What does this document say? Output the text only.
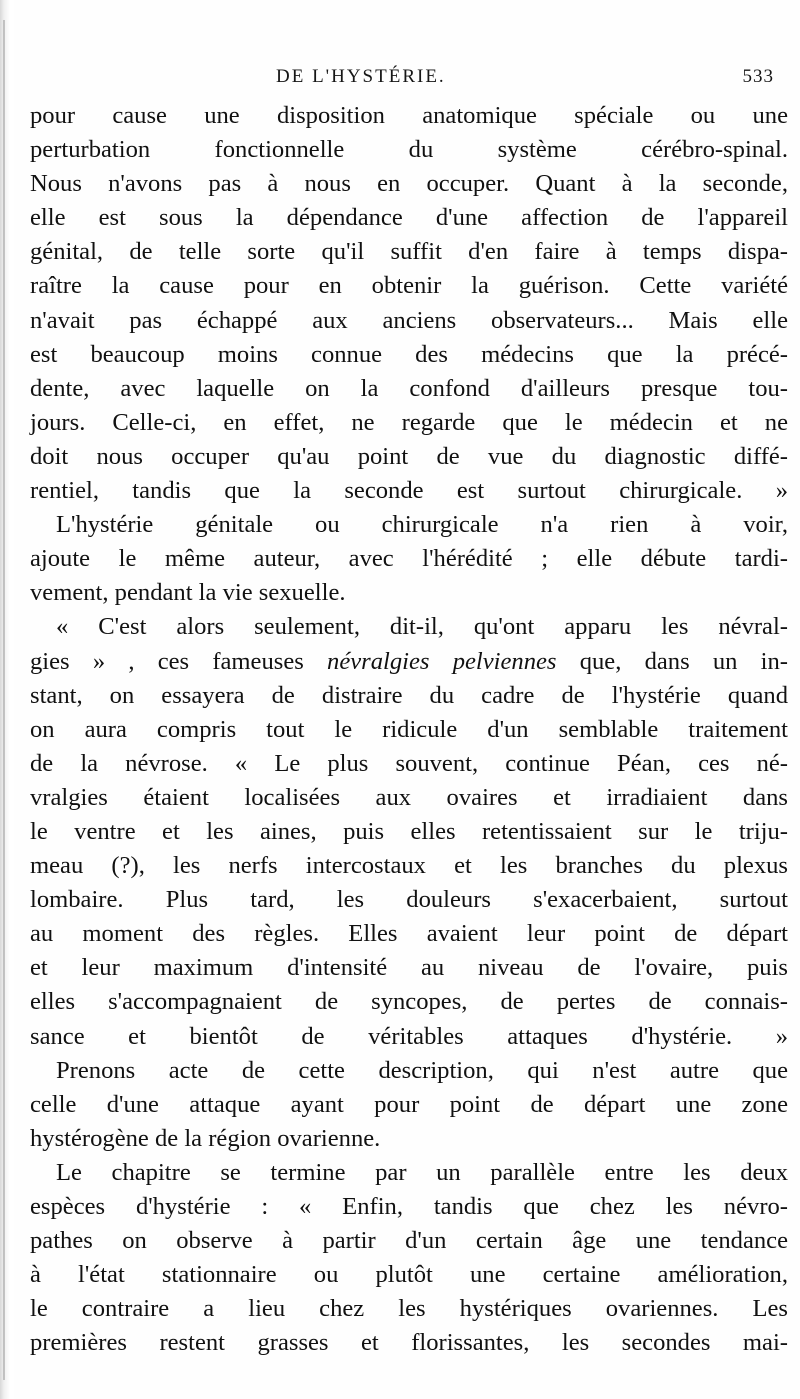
DE L'HYSTÉRIE.	533
pour cause une disposition anatomique spéciale ou une
perturbation fonctionnelle du système cérébro-spinal.
Nous n'avons pas à nous en occuper. Quant à la seconde,
elle est sous la dépendance d'une affection de l'appareil
génital, de telle sorte qu'il suffit d'en faire à temps dispa-
raître la cause pour en obtenir la guérison. Cette variété
n'avait pas échappé aux anciens observateurs... Mais elle
est beaucoup moins connue des médecins que la précé-
dente, avec laquelle on la confond d'ailleurs presque tou-
jours. Celle-ci, en effet, ne regarde que le médecin et ne
doit nous occuper qu'au point de vue du diagnostic diffé-
rentiel, tandis que la seconde est surtout chirurgicale. »
L'hystérie génitale ou chirurgicale n'a rien à voir,
ajoute le même auteur, avec l'hérédité ; elle débute tardi-
vement, pendant la vie sexuelle.
« C'est alors seulement, dit-il, qu'ont apparu les névral-
gies » , ces fameuses névralgies pelviennes que, dans un in-
stant, on essayera de distraire du cadre de l'hystérie quand
on aura compris tout le ridicule d'un semblable traitement
de la névrose. « Le plus souvent, continue Péan, ces né-
vralgies étaient localisées aux ovaires et irradiaient dans
le ventre et les aines, puis elles retentissaient sur le triju-
meau (?), les nerfs intercostaux et les branches du plexus
lombaire. Plus tard, les douleurs s'exacerbaient, surtout
au moment des règles. Elles avaient leur point de départ
et leur maximum d'intensité au niveau de l'ovaire, puis
elles s'accompagnaient de syncopes, de pertes de connais-
sance et bientôt de véritables attaques d'hystérie. »
Prenons acte de cette description, qui n'est autre que
celle d'une attaque ayant pour point de départ une zone
hystérogène de la région ovarienne.
Le chapitre se termine par un parallèle entre les deux
espèces d'hystérie : « Enfin, tandis que chez les névro-
pathes on observe à partir d'un certain âge une tendance
à l'état stationnaire ou plutôt une certaine amélioration,
le contraire a lieu chez les hystériques ovariennes. Les
premières restent grasses et florissantes, les secondes mai-
